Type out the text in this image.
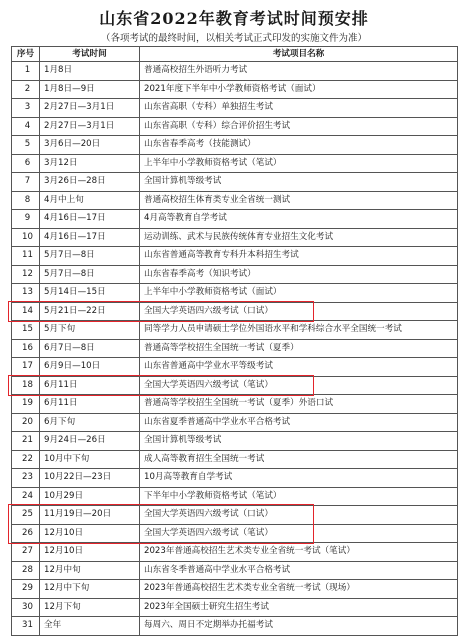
山东省2022年教育考试时间预安排
（各项考试的最终时间，以相关考试正式印发的实施文件为准）
序号	考试时间	考试项目名称
1	1月8日	普通高校招生外语听力考试
2	1月8日—9日	2021年度下半年中小学教师资格考试（面试）
3	2月27日—3月1日	山东省高职（专科）单独招生考试
4	2月27日—3月1日	山东省高职（专科）综合评价招生考试
5	3月6日—20日	山东省春季高考（技能测试）
6	3月12日	上半年中小学教师资格考试（笔试）
7	3月26日—28日	全国计算机等级考试
8	4月中上旬	普通高校招生体育类专业全省统一测试
9	4月16日—17日	4月高等教育自学考试
10	4月16日—17日	运动训练、武术与民族传统体育专业招生文化考试
11	5月7日—8日	山东省普通高等教育专科升本科招生考试
12	5月7日—8日	山东省春季高考（知识考试）
13	5月14日—15日	上半年中小学教师资格考试（面试）
14	5月21日—22日	全国大学英语四六级考试（口试）
15	5月下旬	同等学力人员申请硕士学位外国语水平和学科综合水平全国统一考试
16	6月7日—8日	普通高等学校招生全国统一考试（夏季）
17	6月9日—10日	山东省普通高中学业水平等级考试
18	6月11日	全国大学英语四六级考试（笔试）
19	6月11日	普通高等学校招生全国统一考试（夏季）外语口试
20	6月下旬	山东省夏季普通高中学业水平合格考试
21	9月24日—26日	全国计算机等级考试
22	10月中下旬	成人高等教育招生全国统一考试
23	10月22日—23日	10月高等教育自学考试
24	10月29日	下半年中小学教师资格考试（笔试）
25	11月19日—20日	全国大学英语四六级考试（口试）
26	12月10日	全国大学英语四六级考试（笔试）
27	12月10日	2023年普通高校招生艺术类专业全省统一考试（笔试）
28	12月中旬	山东省冬季普通高中学业水平合格考试
29	12月中下旬	2023年普通高校招生艺术类专业全省统一考试（现场）
30	12月下旬	2023年全国硕士研究生招生考试
31	全年	每周六、周日不定期举办托福考试
